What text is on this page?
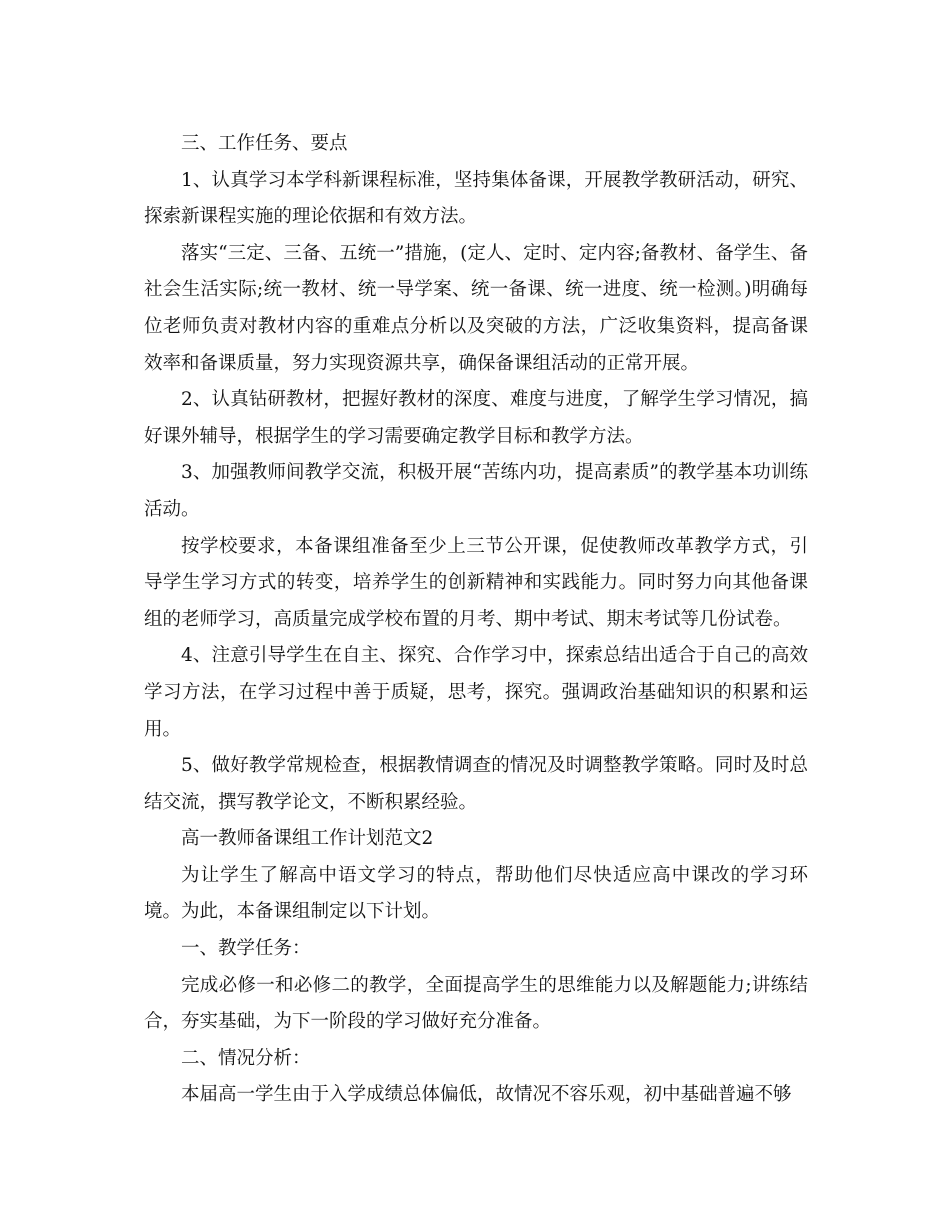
三、工作任务、要点

1、认真学习本学科新课程标准，坚持集体备课，开展教学教研活动，研究、探索新课程实施的理论依据和有效方法。

落实“三定、三备、五统一”措施，(定人、定时、定内容;备教材、备学生、备社会生活实际;统一教材、统一导学案、统一备课、统一进度、统一检测。)明确每位老师负责对教材内容的重难点分析以及突破的方法，广泛收集资料，提高备课效率和备课质量，努力实现资源共享，确保备课组活动的正常开展。

2、认真钻研教材，把握好教材的深度、难度与进度，了解学生学习情况，搞好课外辅导，根据学生的学习需要确定教学目标和教学方法。

3、加强教师间教学交流，积极开展“苦练内功，提高素质”的教学基本功训练活动。

按学校要求，本备课组准备至少上三节公开课，促使教师改革教学方式，引导学生学习方式的转变，培养学生的创新精神和实践能力。同时努力向其他备课组的老师学习，高质量完成学校布置的月考、期中考试、期末考试等几份试卷。

4、注意引导学生在自主、探究、合作学习中，探索总结出适合于自己的高效学习方法，在学习过程中善于质疑，思考，探究。强调政治基础知识的积累和运用。

5、做好教学常规检查，根据教情调查的情况及时调整教学策略。同时及时总结交流，撰写教学论文，不断积累经验。

高一教师备课组工作计划范文2

为让学生了解高中语文学习的特点，帮助他们尽快适应高中课改的学习环境。为此，本备课组制定以下计划。

一、教学任务：

完成必修一和必修二的教学，全面提高学生的思维能力以及解题能力;讲练结合，夯实基础，为下一阶段的学习做好充分准备。

二、情况分析：

本届高一学生由于入学成绩总体偏低，故情况不容乐观，初中基础普遍不够
